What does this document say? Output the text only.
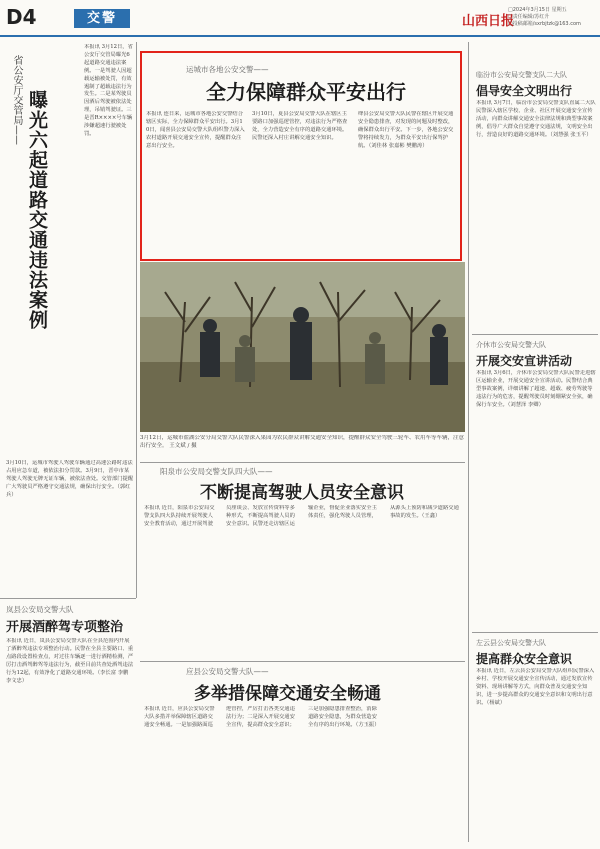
D4	交警	山西日报
□2024年3月15日 星期五
□责任编辑/苏红升
□投稿邮箱/sxrbjtzk@163.com
省公安厅交管局—— 曝光六起道路交通违法案例
本报讯 3月12日，省公安厅交管局曝光6起道路交通违法案例。一是驾驶人因超载运输被处罚，有效遏制了超载违法行为发生。二是某驾驶员因酒后驾驶被依法处理，吊销驾驶证。三是晋R××××号车辆涉嫌超速行驶被处罚。
3月10日，运城市驾驶人驾驶车辆通过高速公路时违法占用应急车道，被依法扣分罚款。3月9日，晋中市某驾驶人驾驶无牌无证车辆，被依法查处。交管部门提醒广大驾驶员严格遵守交通法规，确保出行安全。（郭红兵）
岚县公安局交警大队
开展酒醉驾专项整治
本报讯 近日，岚县公安局交警大队在全县范围内开展了酒醉驾违法专项整治行动。民警在全县主要路口、重点路段设置检查点，对过往车辆逐一进行酒精检测，严厉打击酒驾醉驾等违法行为，截至目前共查处酒驾违法行为12起，有效净化了道路交通环境。（李长富 李鹏 李文忠）
运城市各地公安交警——
全力保障群众平安出行
本报讯 连日来，运城市各地公安交警结合辖区实际，全力保障群众平安出行。3月10日，闻喜县公安局交警大队组织警力深入农村道路开展交通安全宣传，提醒群众注意出行安全。
3月10日，夏县公安局交警大队在辖区主要路口加强巡逻管控，对违法行为严格查处，全力营造安全有序的道路交通环境。民警还深入村庄讲解交通安全知识。
绛县公安局交警大队民警在辖区开展交通安全隐患排查，对发现的问题及时整改，确保群众出行平安。下一步，各地公安交警将持续发力，为群众平安出行保驾护航。（刘佳林 张嘉彬 樊鹏涛）
3月12日，运城市盐湖公安分局交警大队民警深入果园为农民群众讲解交通安全知识，提醒群众安全驾驶三轮车、农用车等车辆，注意出行安全。 王文斌 / 摄
阳泉市公安局交警支队四大队——
不断提高驾驶人员安全意识
本报讯 近日，阳泉市公安局交警支队四大队持续开展驾驶人安全教育活动，通过开展驾驶员座谈会、发放宣传资料等多种形式，不断提高驾驶人员的安全意识。民警还走访辖区运输企业，督促企业落实安全主体责任，强化驾驶人员管理，从源头上预防和减少道路交通事故的发生。（王鑫）
应县公安局交警大队——
多举措保障交通安全畅通
本报讯 近日，应县公安局交警大队多措并举保障辖区道路交通安全畅通。一是加强路面巡逻管控，严厉打击各类交通违法行为；二是深入开展交通安全宣传，提高群众安全意识；三是加强隐患排查整治，消除道路安全隐患，为群众营造安全有序的出行环境。（方玉振）
临汾市公安局交警支队二大队
倡导安全文明出行
本报讯 3月7日，临汾市公安局交警支队直属二大队民警深入辖区学校、企业、社区开展交通安全宣传活动，向群众讲解交通安全法律法规和典型事故案例，倡导广大群众自觉遵守交通法规，文明安全出行，营造良好的道路交通环境。（刘慧强 张玉平）
介休市公安局交警大队
开展交安宣讲活动
本报讯 3月6日，介休市公安局交警大队民警走进辖区运输企业，开展交通安全宣讲活动。民警结合典型事故案例，详细讲解了超速、超载、疲劳驾驶等违法行为的危害，提醒驾驶员时刻绷紧安全弦，确保行车安全。（刘慧泽 李卿）
左云县公安局交警大队
提高群众安全意识
本报讯 近日，左云县公安局交警大队组织民警深入乡村、学校开展交通安全宣传活动，通过发放宣传资料、现场讲解等方式，向群众普及交通安全知识，进一步提高群众的交通安全意识和文明出行意识。（杨斌）
